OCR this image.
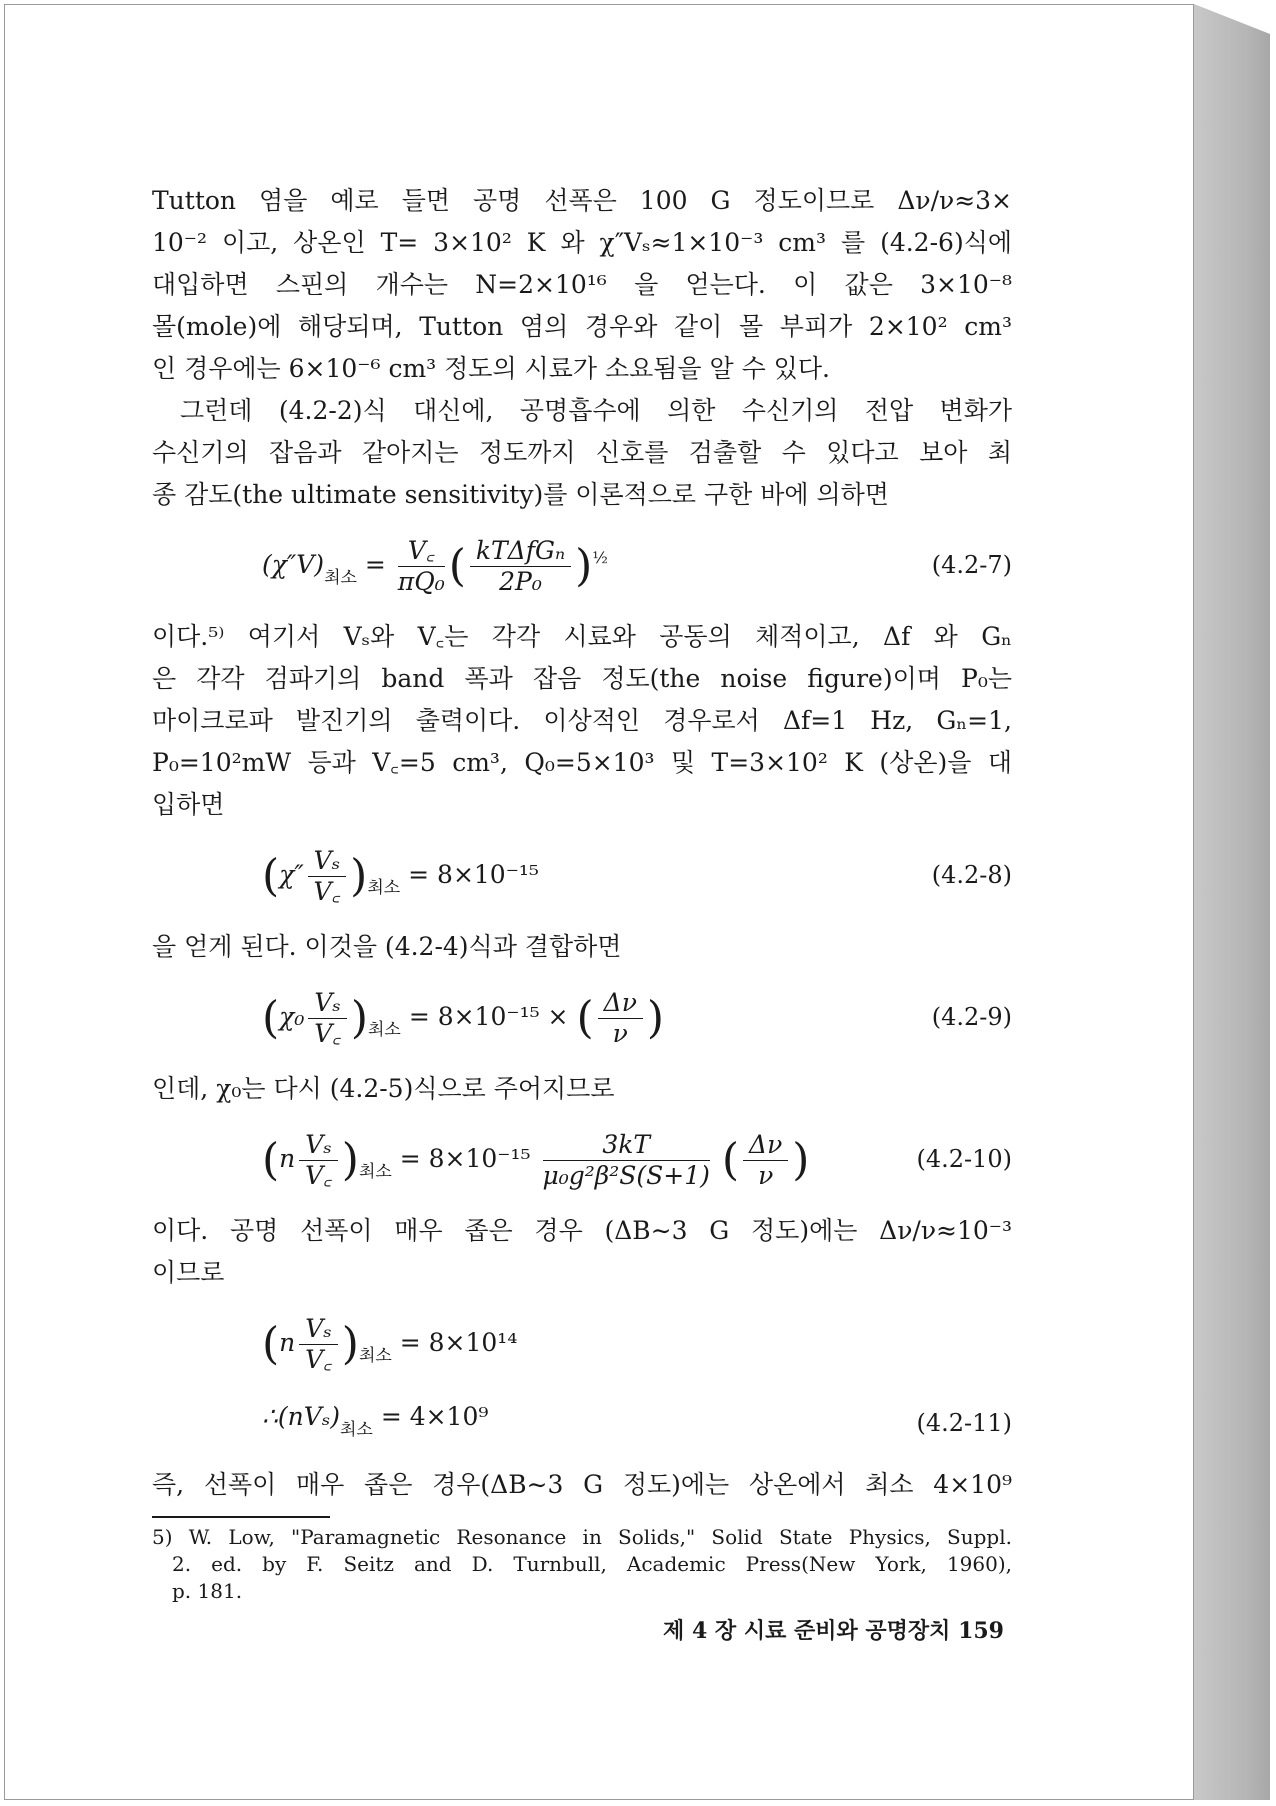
Tutton 염을 예로 들면 공명 선폭은 100 G 정도이므로 Δν/ν≈3×
10⁻² 이고, 상온인 T= 3×10² K 와 χ″Vₛ≈1×10⁻³ cm³ 를 (4.2-6)식에
대입하면 스핀의 개수는 N=2×10¹⁶ 을 얻는다. 이 값은 3×10⁻⁸
몰(mole)에 해당되며, Tutton 염의 경우와 같이 몰 부피가 2×10² cm³
인 경우에는 6×10⁻⁶ cm³ 정도의 시료가 소요됨을 알 수 있다.
그런데 (4.2-2)식 대신에, 공명흡수에 의한 수신기의 전압 변화가
수신기의 잡음과 같아지는 정도까지 신호를 검출할 수 있다고 보아 최
종 감도(the ultimate sensitivity)를 이론적으로 구한 바에 의하면
$(\chi''V)_{최소} = \frac{V꜀}{\text{πQ₀}}$ ( $\frac{\text{kTΔfGₙ}}{\text{2P₀}} )^{\frac{1}{2}}$	(4.2-7)
이다.⁵⁾ 여기서 Vₛ와 V꜀는 각각 시료와 공동의 체적이고, Δf 와 Gₙ
은 각각 검파기의 band 폭과 잡음 정도(the noise figure)이며 P₀는
마이크로파 발진기의 출력이다. 이상적인 경우로서 Δf=1 Hz, Gₙ=1,
P₀=10²mW 등과 V꜀=5 cm³, Q₀=5×10³ 및 T=3×10² K (상온)을 대
입하면
$(\chi'' \frac{\text{Vₛ}}{V꜀} )_{최소} = 8\times 10^{-15}$	(4.2-8)
을 얻게 된다. 이것을 (4.2-4)식과 결합하면
$(\chi_0 \frac{\text{Vₛ}}{V꜀} )_{최소} = 8\times 10^{-15}$ × ( $\frac{\Delta\nu}{\nu}$ )	(4.2-9)
인데, χ₀는 다시 (4.2-5)식으로 주어지므로
$(n \frac{\text{Vₛ}}{V꜀} )_{최소} = 8\times 10^{-15} \frac{3kT}{\text{μ₀g²β²S(S+1)}}$ ( $\frac{\Delta\nu}{\nu}$ )	(4.2-10)
이다. 공명 선폭이 매우 좁은 경우 (ΔB∼3 G 정도)에는 Δν/ν≈10⁻³
이므로
$(n \frac{\text{Vₛ}}{V꜀} )_{최소} = 8\times 10^{14}$
$\therefore(nV_s)_{최소} = 4\times 10^9$	(4.2-11)
즉, 선폭이 매우 좁은 경우(ΔB∼3 G 정도)에는 상온에서 최소 4×10⁹
5) W. Low, "Paramagnetic Resonance in Solids," Solid State Physics, Suppl.
2. ed. by F. Seitz and D. Turnbull, Academic Press(New York, 1960),
p. 181.
제 4 장 시료 준비와 공명장치 159
